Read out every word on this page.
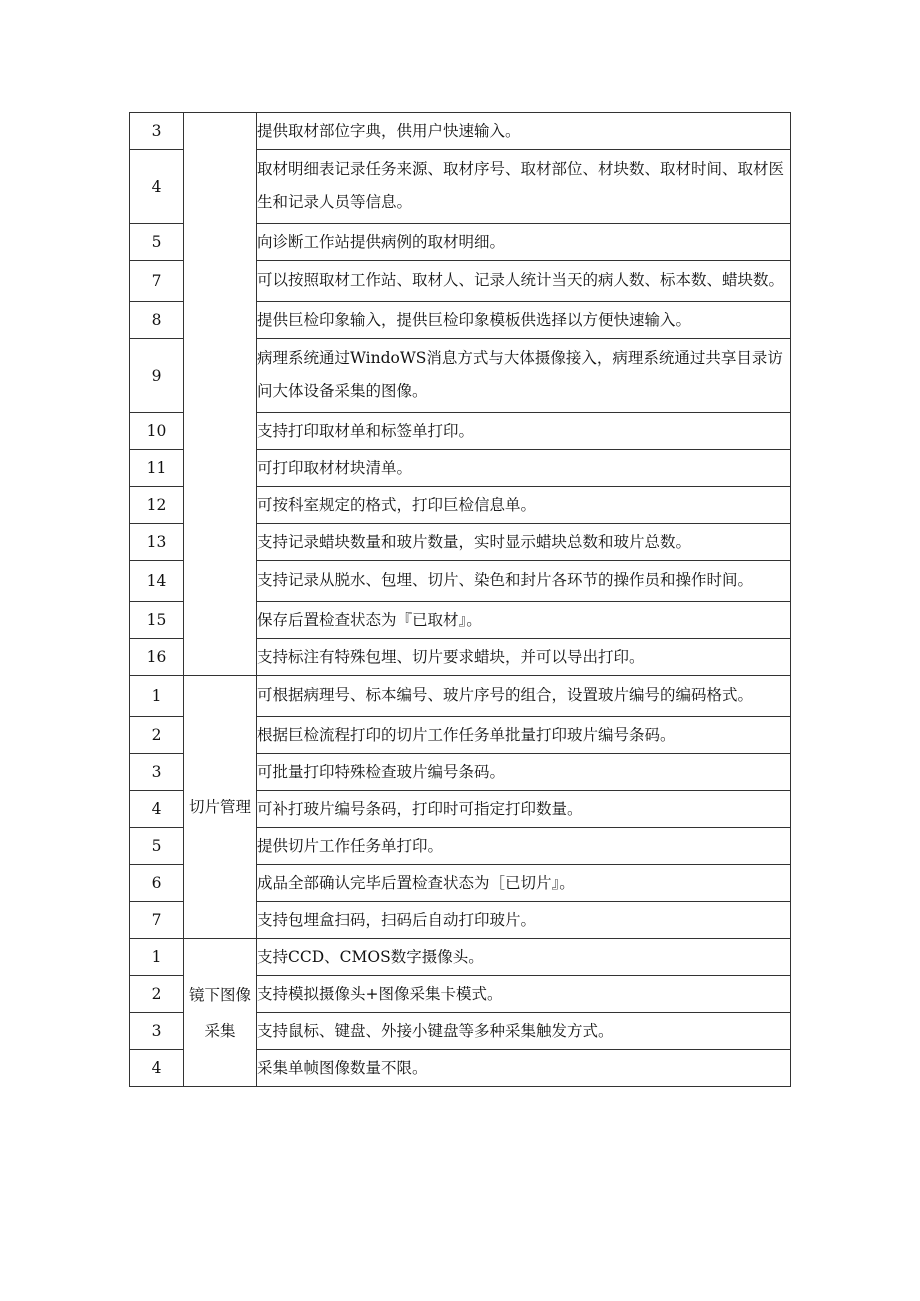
3		提供取材部位字典，供用户快速输入。
4		取材明细表记录任务来源、取材序号、取材部位、材块数、取材时间、取材医生和记录人员等信息。
5		向诊断工作站提供病例的取材明细。
7		可以按照取材工作站、取材人、记录人统计当天的病人数、标本数、蜡块数。
8		提供巨检印象输入，提供巨检印象模板供选择以方便快速输入。
9		病理系统通过WindoWS消息方式与大体摄像接入，病理系统通过共享目录访问大体设备采集的图像。
10		支持打印取材单和标签单打印。
11		可打印取材材块清单。
12		可按科室规定的格式，打印巨检信息单。
13		支持记录蜡块数量和玻片数量，实时显示蜡块总数和玻片总数。
14		支持记录从脱水、包埋、切片、染色和封片各环节的操作员和操作时间。
15		保存后置检查状态为『已取材』。
16		支持标注有特殊包埋、切片要求蜡块，并可以导出打印。
1	切片管理	可根据病理号、标本编号、玻片序号的组合，设置玻片编号的编码格式。
2		根据巨检流程打印的切片工作任务单批量打印玻片编号条码。
3		可批量打印特殊检查玻片编号条码。
4		可补打玻片编号条码，打印时可指定打印数量。
5		提供切片工作任务单打印。
6		成品全部确认完毕后置检查状态为［已切片』。
7		支持包埋盒扫码，扫码后自动打印玻片。
1	镜下图像采集	支持CCD、CMOS数字摄像头。
2		支持模拟摄像头+图像采集卡模式。
3		支持鼠标、键盘、外接小键盘等多种采集触发方式。
4		采集单帧图像数量不限。
